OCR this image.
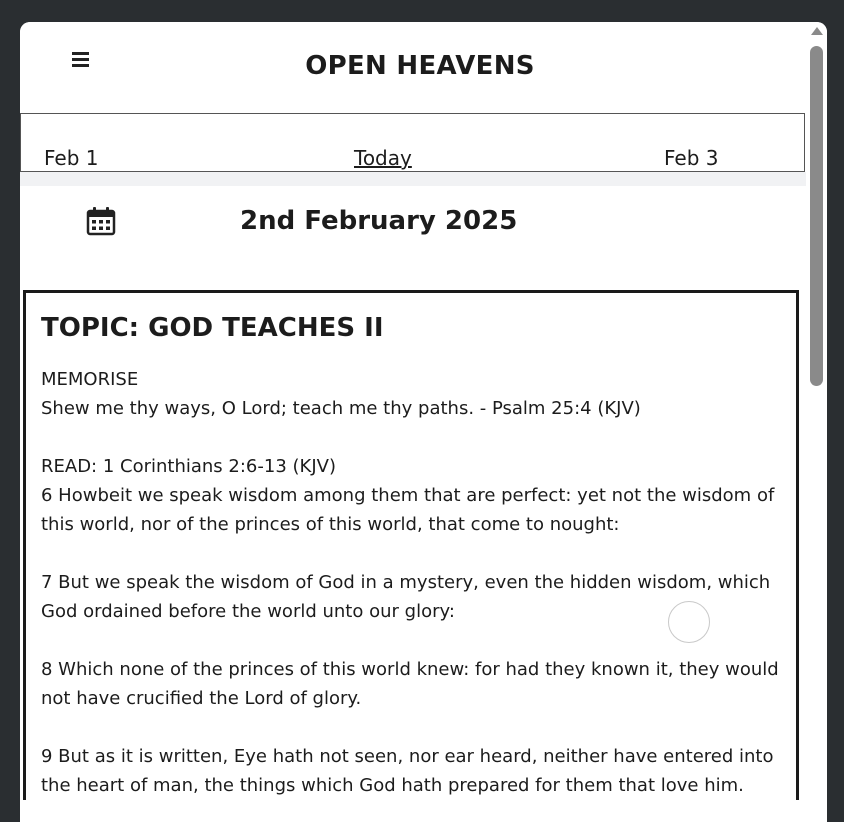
OPEN HEAVENS
Feb 1	Today	Feb 3
2nd February 2025
TOPIC: GOD TEACHES II

MEMORISE

Shew me thy ways, O Lord; teach me thy paths. - Psalm 25:4 (KJV)

READ: 1 Corinthians 2:6-13 (KJV)

6 Howbeit we speak wisdom among them that are perfect: yet not the wisdom of this world, nor of the princes of this world, that come to nought:

7 But we speak the wisdom of God in a mystery, even the hidden wisdom, which God ordained before the world unto our glory:

8 Which none of the princes of this world knew: for had they known it, they would not have crucified the Lord of glory.

9 But as it is written, Eye hath not seen, nor ear heard, neither have entered into the heart of man, the things which God hath prepared for them that love him.
